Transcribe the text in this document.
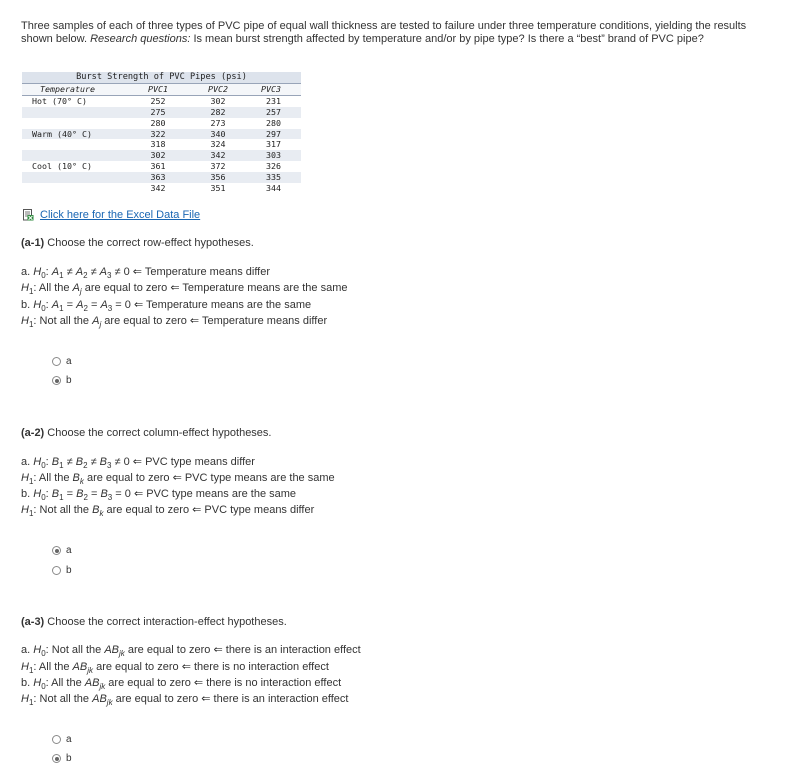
Three samples of each of three types of PVC pipe of equal wall thickness are tested to failure under three temperature conditions, yielding the results shown below. Research questions: Is mean burst strength affected by temperature and/or by pipe type? Is there a “best” brand of PVC pipe?
Burst Strength of PVC Pipes (psi)			
Temperature	PVC1	PVC2	PVC3
Hot (70° C)	252	302	231
	275	282	257
	280	273	280
Warm (40° C)	322	340	297
	318	324	317
	302	342	303
Cool (10° C)	361	372	326
	363	356	335
	342	351	344
Click here for the Excel Data File
(a-1) Choose the correct row-effect hypotheses.
a. $H_0$: $A_1 \ne A_2 \ne A_3 \ne 0$ ⇐ Temperature means differ
$H_1$: All the $A_j$ are equal to zero ⇐ Temperature means are the same
b. $H_0$: $A_1 = A_2 = A_3 = 0$ ⇐ Temperature means are the same
$H_1$: Not all the $A_j$ are equal to zero ⇐ Temperature means differ
a
b
(a-2) Choose the correct column-effect hypotheses.
a. $H_0$: $B_1 \ne B_2 \ne B_3 \ne 0$ ⇐ PVC type means differ
$H_1$: All the $B_k$ are equal to zero ⇐ PVC type means are the same
b. $H_0$: $B_1 = B_2 = B_3 = 0$ ⇐ PVC type means are the same
$H_1$: Not all the $B_k$ are equal to zero ⇐ PVC type means differ
a
b
(a-3) Choose the correct interaction-effect hypotheses.
a. $H_0$: Not all the $AB_{jk}$ are equal to zero ⇐ there is an interaction effect
$H_1$: All the $AB_{jk}$ are equal to zero ⇐ there is no interaction effect
b. $H_0$: All the $AB_{jk}$ are equal to zero ⇐ there is no interaction effect
$H_1$: Not all the $AB_{jk}$ are equal to zero ⇐ there is an interaction effect
a
b
